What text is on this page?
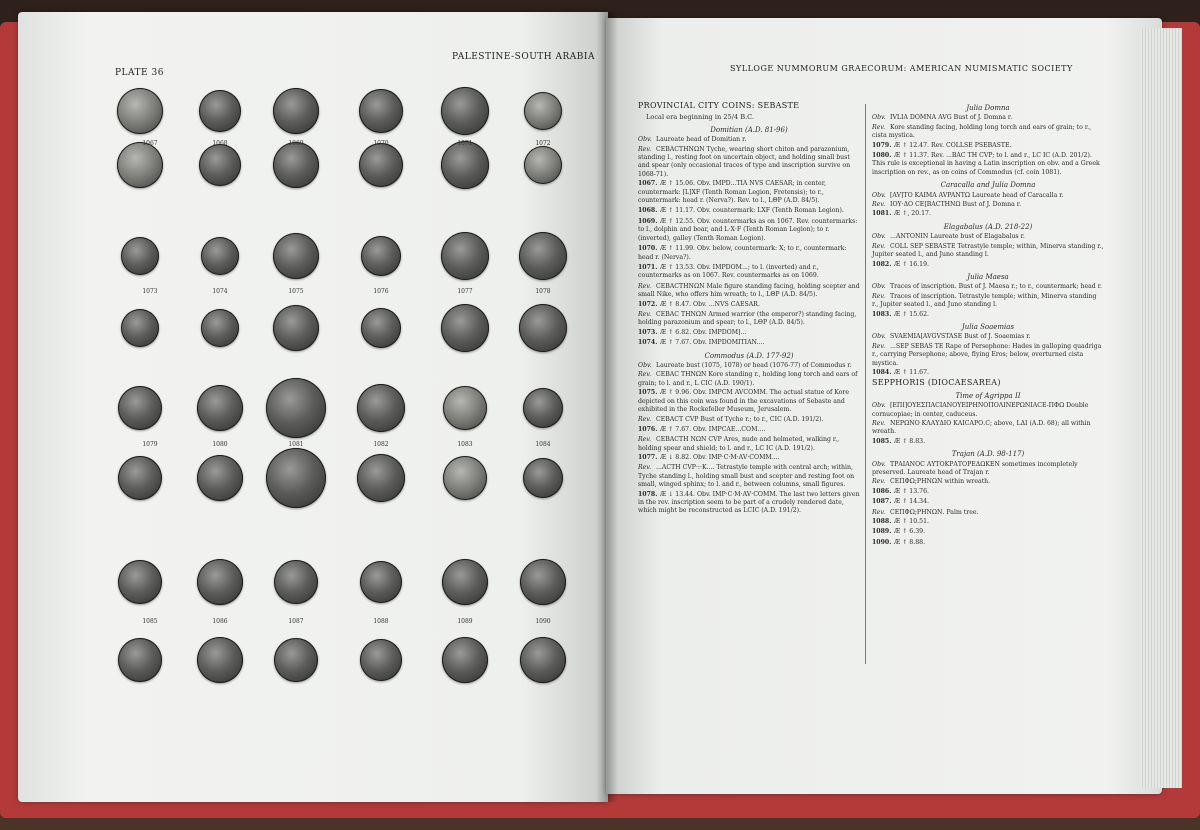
PLATE 36
PALESTINE-SOUTH ARABIA
1067	1068	1069	1070	1071	1072
1073	1074	1075	1076	1077	1078
1079	1080	1081	1082	1083	1084
1085	1086	1087	1088	1089	1090
SYLLOGE NUMMORUM GRAECORUM: AMERICAN NUMISMATIC SOCIETY
PROVINCIAL CITY COINS: SEBASTE
Local era beginning in 25/4 B.C.
Domitian (A.D. 81-96)
Obv. Laureate head of Domitian r.
Rev. CEBACTHNΩN Tyche, wearing short chiton and parazonium, standing l., resting foot on uncertain object, and holding small bust and spear (only occasional traces of type and inscription survive on 1068-71).
1067. Æ ↑ 15.06. Obv. IMPD...TIA NVS CAESAR; in center, countermark: [L]XF (Tenth Roman Legion, Fretensis); to r., countermark: head r. (Nerva?). Rev. to l., LΘP (A.D. 84/5).
1068. Æ ↑ 11.17. Obv. countermark: LXF (Tenth Roman Legion).
1069. Æ ↑ 12.55. Obv. countermarks as on 1067. Rev. countermarks: to l., dolphin and boar, and L·X·F (Tenth Roman Legion); to r. (inverted), galley (Tenth Roman Legion).
1070. Æ ↑ 11.99. Obv. below, countermark: X; to r., countermark: head r. (Nerva?).
1071. Æ ↑ 13.53. Obv. IMPDOM...; to l. (inverted) and r., countermarks as on 1067. Rev. countermarks as on 1069.
Rev. CEBACTHNΩN Male figure standing facing, holding scepter and small Nike, who offers him wreath; to l., LΘP (A.D. 84/5).
1072. Æ ↑ 8.47. Obv. ...NVS CAESAR.
Rev. CEBAC THNΩN Armed warrior (the emperor?) standing facing, holding parazonium and spear; to l., LΘP (A.D. 84/5).
1073. Æ ↑ 6.82. Obv. IMPDOM]...
1074. Æ ↑ 7.67. Obv. IMPDOMITIAN....
Commodus (A.D. 177-92)
Obv. Laureate bust (1075, 1078) or head (1076-77) of Commodus r.
Rev. CEBAC THNΩN Kore standing r., holding long torch and ears of grain; to l. and r., L CIC (A.D. 190/1).
1075. Æ ↑ 9.96. Obv. IMPCM AVCOMM. The actual statue of Kore depicted on this coin was found in the excavations of Sebaste and exhibited in the Rockefeller Museum, Jerusalem.
Rev. CEBACT CVP Bust of Tyche r.; to r., CIC (A.D. 191/2).
1076. Æ ↑ 7.67. Obv. IMPCAE...COM....
Rev. CEBACTH NΩN CVP Ares, nude and helmeted, walking r., holding spear and shield; to l. and r., LC IC (A.D. 191/2).
1077. Æ ↓ 8.82. Obv. IMP·C·M·AV·COMM....
Rev. ...ACTH CVP·:·K.... Tetrastyle temple with central arch; within, Tyche standing l., holding small bust and scepter and resting foot on small, winged sphinx; to l. and r., between columns, small figures.
1078. Æ ↓ 13.44. Obv. IMP·C·M·AV·COMM. The last two letters given in the rev. inscription seem to be part of a crudely rendered date, which might be reconstructed as LCIC (A.D. 191/2).
Julia Domna
Obv. IVLIA DOMNA AVG Bust of J. Domna r.
Rev. Kore standing facing, holding long torch and ears of grain; to r., cista mystica.
1079. Æ ↑ 12.47. Rev. COLLSE PSEBASTE.
1080. Æ ↑ 11.37. Rev. ...BAC TH CVP; to l. and r., LC IC (A.D. 201/2). This rule is exceptional in having a Latin inscription on obv. and a Greek inscription on rev., as on coins of Commodus (cf. coin 1081).
Caracalla and Julia Domna
Obv. [AV]TO KAIMA AVPANTΩ Laureate head of Caracalla r.
Rev. IOY·ΔO CE[BACTHNΩ Bust of J. Domna r.
1081. Æ ↑, 20.17.
Elagabalus (A.D. 218-22)
Obv. ...ANTONIN Laureate bust of Elagabalus r.
Rev. COLL SEP SEBASTE Tetrastyle temple; within, Minerva standing r., Jupiter seated l., and Juno standing l.
1082. Æ ↑ 16.19.
Julia Maesa
Obv. Traces of inscription. Bust of J. Maesa r.; to r., countermark; head r.
Rev. Traces of inscription. Tetrastyle temple; within, Minerva standing r., Jupiter seated l., and Juno standing l.
1083. Æ ↑ 15.62.
Julia Soaemias
Obv. SVAEMIA[AVGVSTASE Bust of J. Soaemias r.
Rev. ...SEP SEBAS TE Rape of Persephone: Hades in galloping quadriga r., carrying Persephone; above, flying Eros; below, overturned cista mystica.
1084. Æ ↑ 11.67.
SEPPHORIS (DIOCAESAREA)
Time of Agrippa II
Obv. [ΕΠΙ]ΟΥΕΣΠΑCΙΑΝΟΥΕΙΡΗΝΟΠΟΛΙΝΕΡΩΝΙΑCΕ-ΠΦΩ Double cornucopiae; in center, caduceus.
Rev. ΝΕΡΩΝΟ ΚΛΑΥΔΙΟ ΚΑΙCΑΡΟ.C; above, LΔΙ (A.D. 68); all within wreath.
1085. Æ ↑ 8.83.
Trajan (A.D. 98-117)
Obv. ΤΡΑΙΑΝΟC ΑΥΤΟΚΡΑΤΟΡΕΔΩΚΕΝ sometimes incompletely preserved. Laureate head of Trajan r.
Rev. CΕΠΦΩ;ΡΗΝΩΝ within wreath.
1086. Æ ↑ 13.76.
1087. Æ ↑ 14.34.
Rev. CΕΠΦΩ;ΡΗΝΩΝ. Palm tree.
1088. Æ ↑ 10.51.
1089. Æ ↑ 6.39.
1090. Æ ↑ 8.88.
